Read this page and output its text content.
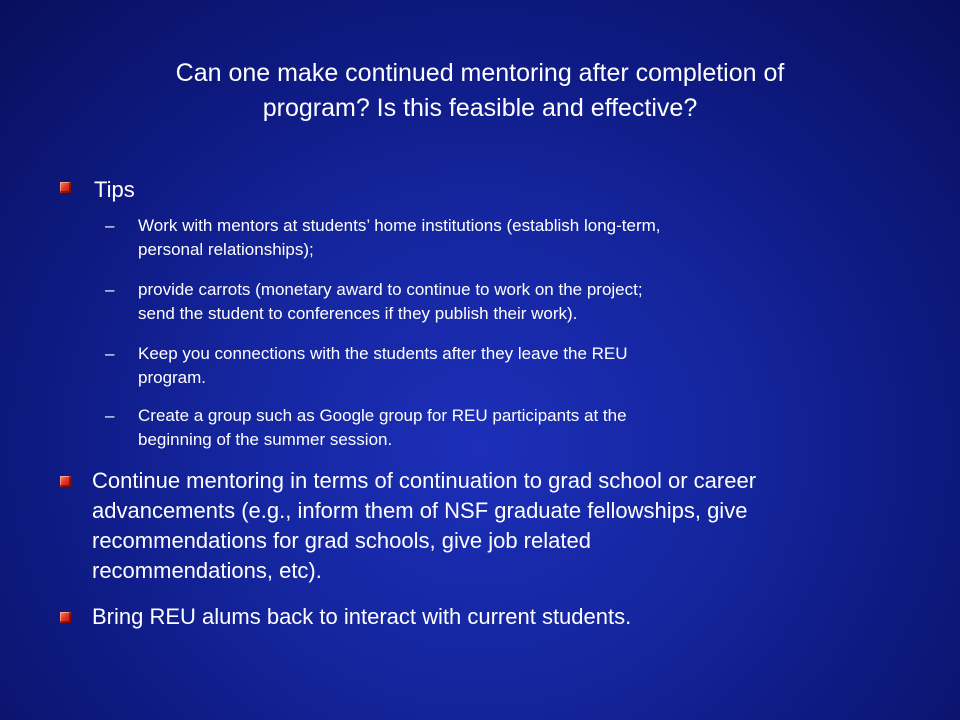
Can one make continued mentoring after completion of
program? Is this feasible and effective?
Tips
– Work with mentors at students’ home institutions (establish long-term,
personal relationships);
– provide carrots (monetary award to continue to work on the project;
send the student to conferences if they publish their work).
– Keep you connections with the students after they leave the REU
program.
– Create a group such as Google group for REU participants at the
beginning of the summer session.
Continue mentoring in terms of continuation to grad school or career
advancements (e.g., inform them of NSF graduate fellowships, give
recommendations for grad schools, give job related
recommendations, etc).
Bring REU alums back to interact with current students.
